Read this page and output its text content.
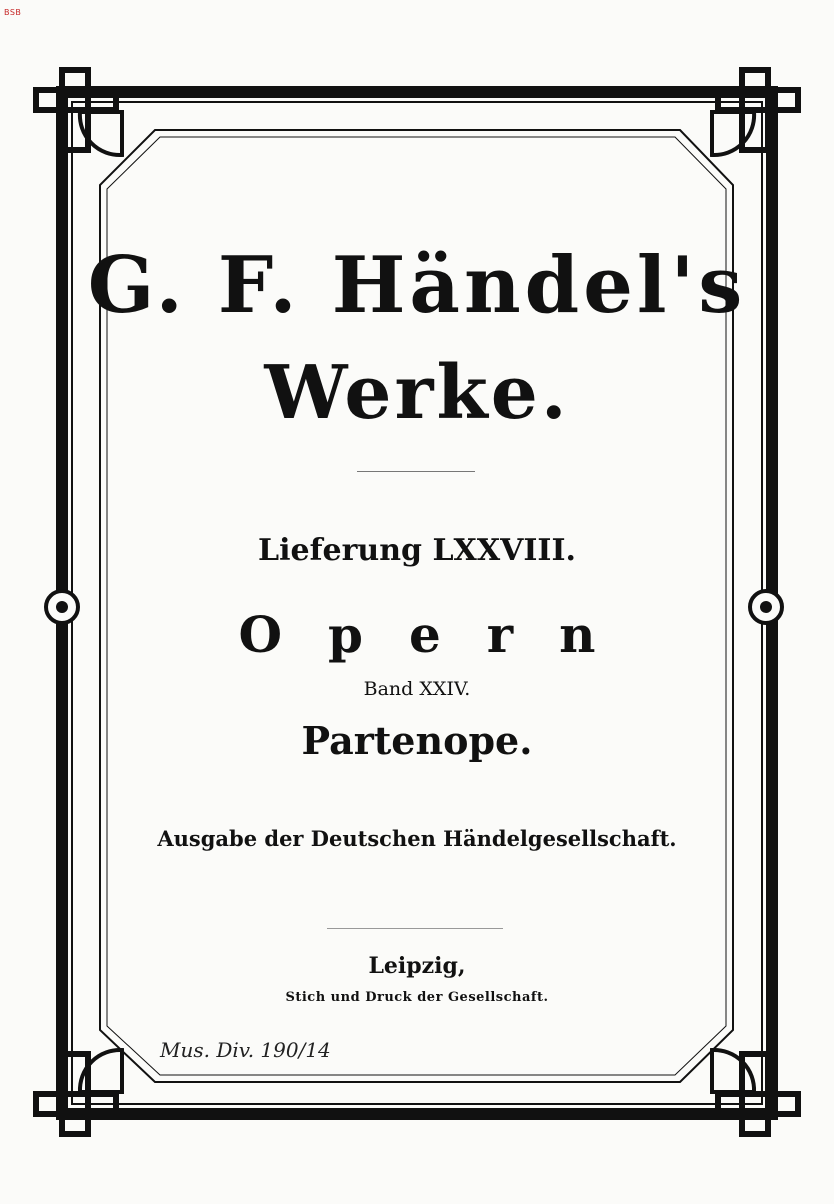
BSB
G. F. Händel's
Werke.
Lieferung LXXVIII.
Opern
Band XXIV.
Partenope.
Ausgabe der Deutschen Händelgesellschaft.
Leipzig,
Stich und Druck der Gesellschaft.
Mus. Div. 190/14
